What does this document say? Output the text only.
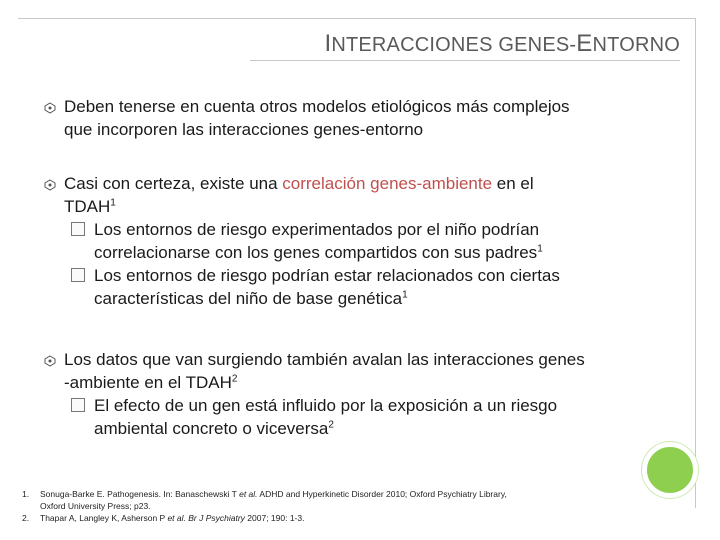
INTERACCIONES GENES-ENTORNO
Deben tenerse en cuenta otros modelos etiológicos más complejos
que incorporen las interacciones genes-entorno
Casi con certeza, existe una correlación genes-ambiente en el
TDAH$^1$
Los entornos de riesgo experimentados por el niño podrían
correlacionarse con los genes compartidos con sus padres$^1$
Los entornos de riesgo podrían estar relacionados con ciertas
características del niño de base genética$^1$
Los datos que van surgiendo también avalan las interacciones genes
-ambiente en el TDAH$^2$
El efecto de un gen está influido por la exposición a un riesgo
ambiental concreto o viceversa$^2$
1. Sonuga-Barke E. Pathogenesis. In: Banaschewski T et al. ADHD and Hyperkinetic Disorder 2010; Oxford Psychiatry Library,
Oxford University Press; p23.
2. Thapar A, Langley K, Asherson P et al. Br J Psychiatry 2007; 190: 1-3.
